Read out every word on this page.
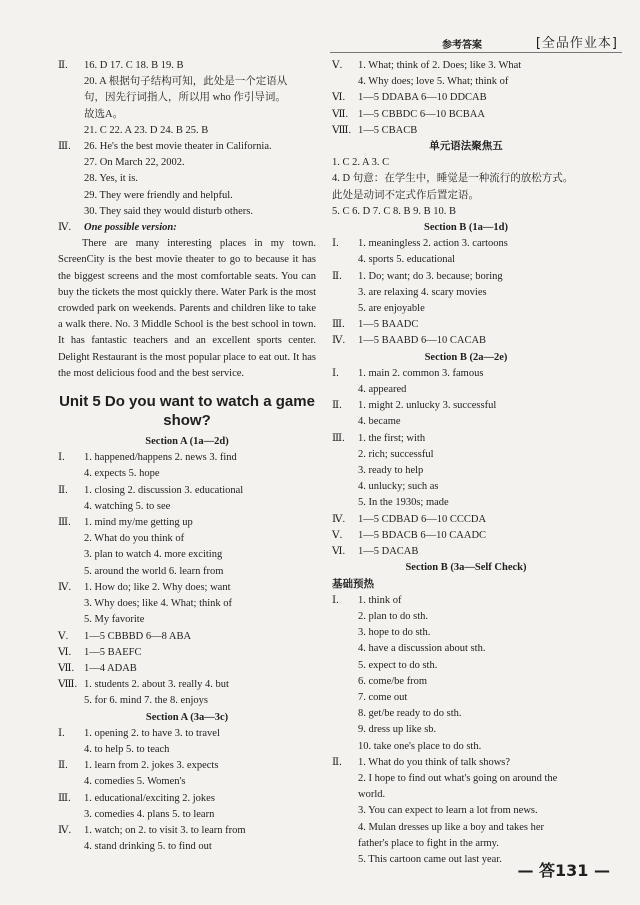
参考答案	[全品作业本]
Ⅱ. 16. D 17. C 18. B 19. B
20. A 根据句子结构可知，此处是一个定语从
句，因先行词指人，所以用 who 作引导词。
故选A。
21. C 22. A 23. D 24. B 25. B
Ⅲ. 26. He's the best movie theater in California.
27. On March 22, 2002.
28. Yes, it is.
29. They were friendly and helpful.
30. They said they would disturb others.
Ⅳ. One possible version:
There are many interesting places in my town. ScreenCity is the best movie theater to go to because it has the biggest screens and the most comfortable seats. You can buy the tickets the most quickly there. Water Park is the most crowded park on weekends. Parents and children like to take a walk there. No. 3 Middle School is the best school in town. It has fantastic teachers and an excellent sports center. Delight Restaurant is the most popular place to eat out. It has the most delicious food and the best service.
Unit 5 Do you want to watch a game show?
Section A (1a—2d)
Ⅰ. 1. happened/happens 2. news 3. find
4. expects 5. hope
Ⅱ. 1. closing 2. discussion 3. educational
4. watching 5. to see
Ⅲ. 1. mind my/me getting up
2. What do you think of
3. plan to watch 4. more exciting
5. around the world 6. learn from
Ⅳ. 1. How do; like 2. Why does; want
3. Why does; like 4. What; think of
5. My favorite
Ⅴ. 1—5 CBBBD 6—8 ABA
Ⅵ. 1—5 BAEFC
Ⅶ. 1—4 ADAB
Ⅷ. 1. students 2. about 3. really 4. but
5. for 6. mind 7. the 8. enjoys
Section A (3a—3c)
Ⅰ. 1. opening 2. to have 3. to travel
4. to help 5. to teach
Ⅱ. 1. learn from 2. jokes 3. expects
4. comedies 5. Women's
Ⅲ. 1. educational/exciting 2. jokes
3. comedies 4. plans 5. to learn
Ⅳ. 1. watch; on 2. to visit 3. to learn from
4. stand drinking 5. to find out
Ⅴ. 1. What; think of 2. Does; like 3. What
4. Why does; love 5. What; think of
Ⅵ. 1—5 DDABA 6—10 DDCAB
Ⅶ. 1—5 CBBDC 6—10 BCBAA
Ⅷ. 1—5 CBACB
单元语法聚焦五
1. C 2. A 3. C
4. D 句意：在学生中，睡觉是一种流行的放松方式。
此处是动词不定式作后置定语。
5. C 6. D 7. C 8. B 9. B 10. B
Section B (1a—1d)
Ⅰ. 1. meaningless 2. action 3. cartoons
4. sports 5. educational
Ⅱ. 1. Do; want; do 3. because; boring
3. are relaxing 4. scary movies
5. are enjoyable
Ⅲ. 1—5 BAADC
Ⅳ. 1—5 BAABD 6—10 CACAB
Section B (2a—2e)
Ⅰ. 1. main 2. common 3. famous
4. appeared
Ⅱ. 1. might 2. unlucky 3. successful
4. became
Ⅲ. 1. the first; with
2. rich; successful
3. ready to help
4. unlucky; such as
5. In the 1930s; made
Ⅳ. 1—5 CDBAD 6—10 CCCDA
Ⅴ. 1—5 BDACB 6—10 CAADC
Ⅵ. 1—5 DACAB
Section B (3a—Self Check)
基础预热
Ⅰ. 1. think of
2. plan to do sth.
3. hope to do sth.
4. have a discussion about sth.
5. expect to do sth.
6. come/be from
7. come out
8. get/be ready to do sth.
9. dress up like sb.
10. take one's place to do sth.
Ⅱ. 1. What do you think of talk shows?
2. I hope to find out what's going on around the
world.
3. You can expect to learn a lot from news.
4. Mulan dresses up like a boy and takes her
father's place to fight in the army.
5. This cartoon came out last year.
— 答131 —
